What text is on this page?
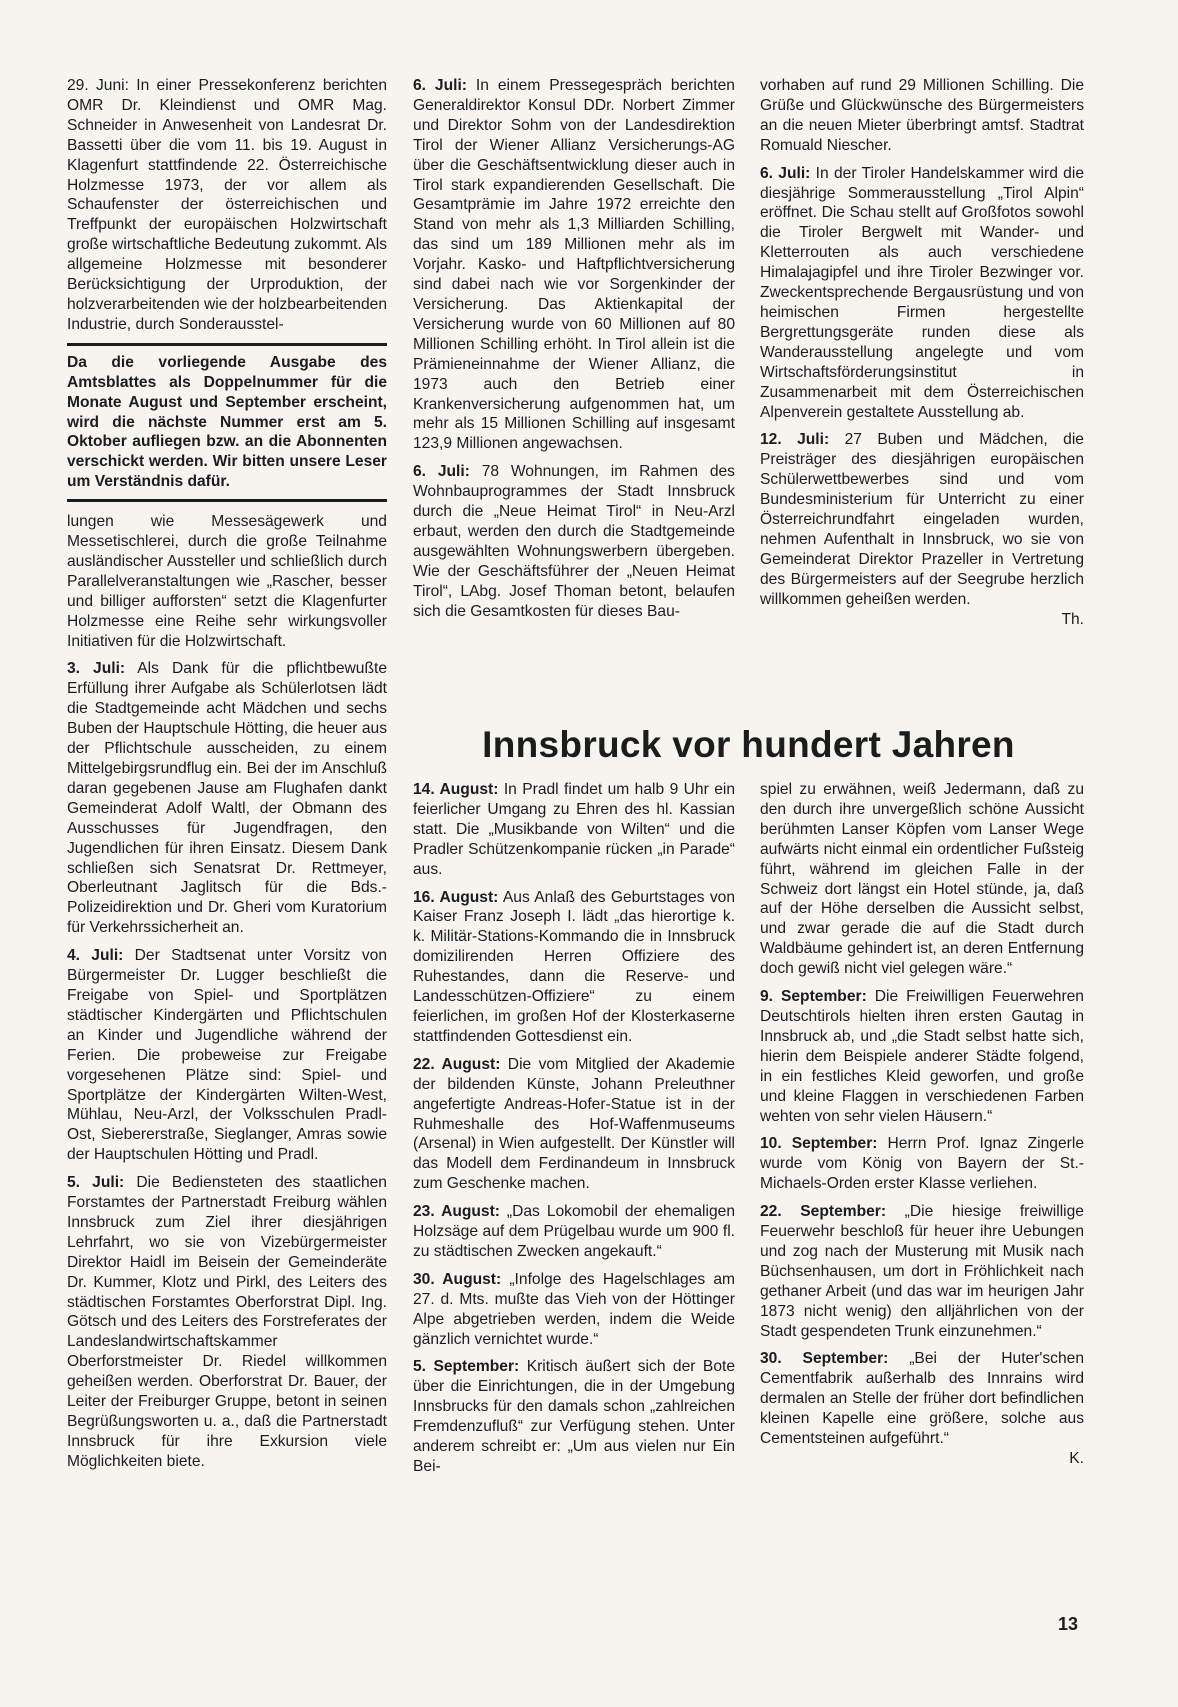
29. Juni: In einer Pressekonferenz berichten OMR Dr. Kleindienst und OMR Mag. Schneider in Anwesenheit von Landesrat Dr. Bassetti über die vom 11. bis 19. August in Klagenfurt stattfindende 22. Österreichische Holzmesse 1973, der vor allem als Schaufenster der österreichischen und Treffpunkt der europäischen Holzwirtschaft große wirtschaftliche Bedeutung zukommt. Als allgemeine Holzmesse mit besonderer Berücksichtigung der Urproduktion, der holzverarbeitenden wie der holzbearbeitenden Industrie, durch Sonderausstel-

Da die vorliegende Ausgabe des Amtsblattes als Doppelnummer für die Monate August und September erscheint, wird die nächste Nummer erst am 5. Oktober aufliegen bzw. an die Abonnenten verschickt werden. Wir bitten unsere Leser um Verständnis dafür.

lungen wie Messesägewerk und Messetischlerei, durch die große Teilnahme ausländischer Aussteller und schließlich durch Parallelveranstaltungen wie „Rascher, besser und billiger aufforsten“ setzt die Klagenfurter Holzmesse eine Reihe sehr wirkungsvoller Initiativen für die Holzwirtschaft.

3. Juli: Als Dank für die pflichtbewußte Erfüllung ihrer Aufgabe als Schülerlotsen lädt die Stadtgemeinde acht Mädchen und sechs Buben der Hauptschule Hötting, die heuer aus der Pflichtschule ausscheiden, zu einem Mittelgebirgsrundflug ein. Bei der im Anschluß daran gegebenen Jause am Flughafen dankt Gemeinderat Adolf Waltl, der Obmann des Ausschusses für Jugendfragen, den Jugendlichen für ihren Einsatz. Diesem Dank schließen sich Senatsrat Dr. Rettmeyer, Oberleutnant Jaglitsch für die Bds.-Polizeidirektion und Dr. Gheri vom Kuratorium für Verkehrssicherheit an.

4. Juli: Der Stadtsenat unter Vorsitz von Bürgermeister Dr. Lugger beschließt die Freigabe von Spiel- und Sportplätzen städtischer Kindergärten und Pflichtschulen an Kinder und Jugendliche während der Ferien. Die probeweise zur Freigabe vorgesehenen Plätze sind: Spiel- und Sportplätze der Kindergärten Wilten-West, Mühlau, Neu-Arzl, der Volksschulen Pradl-Ost, Siebererstraße, Sieglanger, Amras sowie der Hauptschulen Hötting und Pradl.

5. Juli: Die Bediensteten des staatlichen Forstamtes der Partnerstadt Freiburg wählen Innsbruck zum Ziel ihrer diesjährigen Lehrfahrt, wo sie von Vizebürgermeister Direktor Haidl im Beisein der Gemeinderäte Dr. Kummer, Klotz und Pirkl, des Leiters des städtischen Forstamtes Oberforstrat Dipl. Ing. Götsch und des Leiters des Forstreferates der Landeslandwirtschaftskammer Oberforstmeister Dr. Riedel willkommen geheißen werden. Oberforstrat Dr. Bauer, der Leiter der Freiburger Gruppe, betont in seinen Begrüßungsworten u. a., daß die Partnerstadt Innsbruck für ihre Exkursion viele Möglichkeiten biete.

6. Juli: In einem Pressegespräch berichten Generaldirektor Konsul DDr. Norbert Zimmer und Direktor Sohm von der Landesdirektion Tirol der Wiener Allianz Versicherungs-AG über die Geschäftsentwicklung dieser auch in Tirol stark expandierenden Gesellschaft. Die Gesamtprämie im Jahre 1972 erreichte den Stand von mehr als 1,3 Milliarden Schilling, das sind um 189 Millionen mehr als im Vorjahr. Kasko- und Haftpflichtversicherung sind dabei nach wie vor Sorgenkinder der Versicherung. Das Aktienkapital der Versicherung wurde von 60 Millionen auf 80 Millionen Schilling erhöht. In Tirol allein ist die Prämieneinnahme der Wiener Allianz, die 1973 auch den Betrieb einer Krankenversicherung aufgenommen hat, um mehr als 15 Millionen Schilling auf insgesamt 123,9 Millionen angewachsen.

6. Juli: 78 Wohnungen, im Rahmen des Wohnbauprogrammes der Stadt Innsbruck durch die „Neue Heimat Tirol“ in Neu-Arzl erbaut, werden den durch die Stadtgemeinde ausgewählten Wohnungswerbern übergeben. Wie der Geschäftsführer der „Neuen Heimat Tirol“, LAbg. Josef Thoman betont, belaufen sich die Gesamtkosten für dieses Bau-

vorhaben auf rund 29 Millionen Schilling. Die Grüße und Glückwünsche des Bürgermeisters an die neuen Mieter überbringt amtsf. Stadtrat Romuald Niescher.

6. Juli: In der Tiroler Handelskammer wird die diesjährige Sommerausstellung „Tirol Alpin“ eröffnet. Die Schau stellt auf Großfotos sowohl die Tiroler Bergwelt mit Wander- und Kletterrouten als auch verschiedene Himalajagipfel und ihre Tiroler Bezwinger vor. Zweckentsprechende Bergausrüstung und von heimischen Firmen hergestellte Bergrettungsgeräte runden diese als Wanderausstellung angelegte und vom Wirtschaftsförderungsinstitut in Zusammenarbeit mit dem Österreichischen Alpenverein gestaltete Ausstellung ab.

12. Juli: 27 Buben und Mädchen, die Preisträger des diesjährigen europäischen Schülerwettbewerbes sind und vom Bundesministerium für Unterricht zu einer Österreichrundfahrt eingeladen wurden, nehmen Aufenthalt in Innsbruck, wo sie von Gemeinderat Direktor Prazeller in Vertretung des Bürgermeisters auf der Seegrube herzlich willkommen geheißen werden.
Th.

Innsbruck vor hundert Jahren

14. August: In Pradl findet um halb 9 Uhr ein feierlicher Umgang zu Ehren des hl. Kassian statt. Die „Musikbande von Wilten“ und die Pradler Schützenkompanie rücken „in Parade“ aus.

16. August: Aus Anlaß des Geburtstages von Kaiser Franz Joseph I. lädt „das hierortige k. k. Militär-Stations-Kommando die in Innsbruck domizilirenden Herren Offiziere des Ruhestandes, dann die Reserve- und Landesschützen-Offiziere“ zu einem feierlichen, im großen Hof der Klosterkaserne stattfindenden Gottesdienst ein.

22. August: Die vom Mitglied der Akademie der bildenden Künste, Johann Preleuthner angefertigte Andreas-Hofer-Statue ist in der Ruhmeshalle des Hof-Waffenmuseums (Arsenal) in Wien aufgestellt. Der Künstler will das Modell dem Ferdinandeum in Innsbruck zum Geschenke machen.

23. August: „Das Lokomobil der ehemaligen Holzsäge auf dem Prügelbau wurde um 900 fl. zu städtischen Zwecken angekauft.“

30. August: „Infolge des Hagelschlages am 27. d. Mts. mußte das Vieh von der Höttinger Alpe abgetrieben werden, indem die Weide gänzlich vernichtet wurde.“

5. September: Kritisch äußert sich der Bote über die Einrichtungen, die in der Umgebung Innsbrucks für den damals schon „zahlreichen Fremdenzufluß“ zur Verfügung stehen. Unter anderem schreibt er: „Um aus vielen nur Ein Bei-

spiel zu erwähnen, weiß Jedermann, daß zu den durch ihre unvergeßlich schöne Aussicht berühmten Lanser Köpfen vom Lanser Wege aufwärts nicht einmal ein ordentlicher Fußsteig führt, während im gleichen Falle in der Schweiz dort längst ein Hotel stünde, ja, daß auf der Höhe derselben die Aussicht selbst, und zwar gerade die auf die Stadt durch Waldbäume gehindert ist, an deren Entfernung doch gewiß nicht viel gelegen wäre.“

9. September: Die Freiwilligen Feuerwehren Deutschtirols hielten ihren ersten Gautag in Innsbruck ab, und „die Stadt selbst hatte sich, hierin dem Beispiele anderer Städte folgend, in ein festliches Kleid geworfen, und große und kleine Flaggen in verschiedenen Farben wehten von sehr vielen Häusern.“

10. September: Herrn Prof. Ignaz Zingerle wurde vom König von Bayern der St.-Michaels-Orden erster Klasse verliehen.

22. September: „Die hiesige freiwillige Feuerwehr beschloß für heuer ihre Uebungen und zog nach der Musterung mit Musik nach Büchsenhausen, um dort in Fröhlichkeit nach gethaner Arbeit (und das war im heurigen Jahr 1873 nicht wenig) den alljährlichen von der Stadt gespendeten Trunk einzunehmen.“

30. September: „Bei der Huter'schen Cementfabrik außerhalb des Innrains wird dermalen an Stelle der früher dort befindlichen kleinen Kapelle eine größere, solche aus Cementsteinen aufgeführt.“
K.

13
